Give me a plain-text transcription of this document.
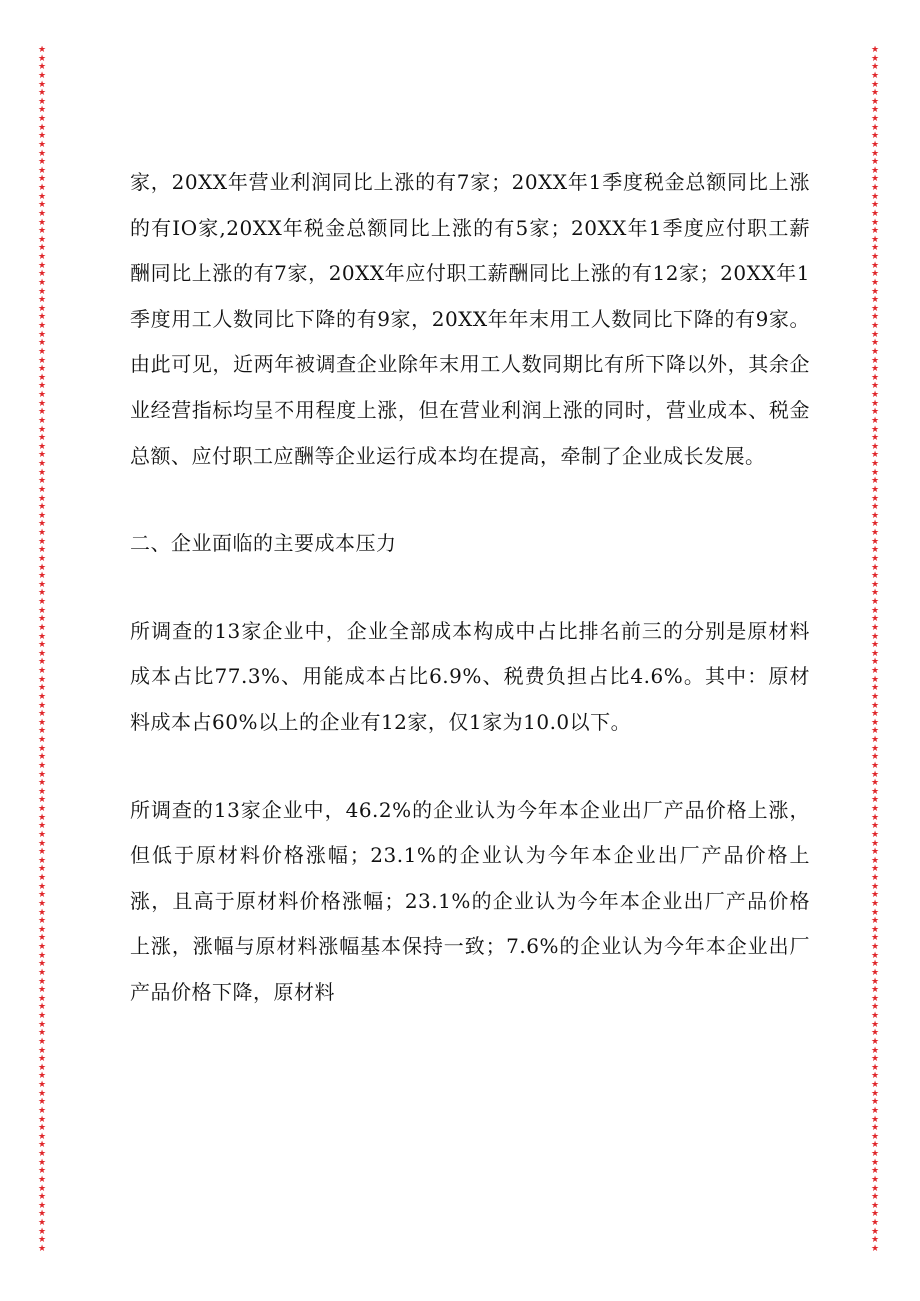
★
★
★
★
★
★
★
★
★
★
★
★
★
★
★
★
★
★
★
★
★
★
★
★
★
★
★
★
★
★
★
★
★
★
★
★
★
★
★
★
★
★
★
★
★
★
★
★
★
★
★
★
★
★
★
★
★
★
★
★
★
★
★
★
★
★
★
★
★
★
★
★
★
★
★
★
★
★
★
★
★
★
★
★
★
★
★
★
★
★
★
★
★
★
★
★
★
★
★
★
★
★
★
★
★
★
★
★
★
★
★
★
★
★
★
★
★
★
★
★
★
★
★
★
★
★
★
★
★
★
★
★
★
★
★
★
★
★
★
★
★
★
★
★
★
★
★
★
★
★
★
★
★
★
★
★
★
★
★
★
★
★
★
★
★
★
★
★
★
★
★
★
★
★
★
★
★
★
★
★
★
★
★
★
★
★
★
★
★
★
★
★
★
★
★
★
★
★
★
★
★
★
★
★
★
★
★
★
★
★
★
★
★
★
★
★
★
★
★
★
★
★
★
★
★
★
★
★
★
★
★
★
★
★
★
★
★
★
★
★
★
★
★
★
★
★
★
★
★
★
★
★
★
★
★
★
★
★
★
★
★
★
★
★
★
★
★
★
★
★
★
★
★
★
★
★
★
★
★
★

家，20XX年营业利润同比上涨的有7家；20XX年1季度税金总额同比上涨的有IO家,20XX年税金总额同比上涨的有5家；20XX年1季度应付职工薪酬同比上涨的有7家，20XX年应付职工薪酬同比上涨的有12家；20XX年1季度用工人数同比下降的有9家，20XX年年末用工人数同比下降的有9家。由此可见，近两年被调查企业除年末用工人数同期比有所下降以外，其余企业经营指标均呈不用程度上涨，但在营业利润上涨的同时，营业成本、税金总额、应付职工应酬等企业运行成本均在提高，牵制了企业成长发展。

二、企业面临的主要成本压力

所调查的13家企业中，企业全部成本构成中占比排名前三的分别是原材料成本占比77.3%、用能成本占比6.9%、税费负担占比4.6%。其中：原材料成本占60%以上的企业有12家，仅1家为10.0以下。

所调查的13家企业中，46.2%的企业认为今年本企业出厂产品价格上涨，但低于原材料价格涨幅；23.1%的企业认为今年本企业出厂产品价格上涨，且高于原材料价格涨幅；23.1%的企业认为今年本企业出厂产品价格上涨，涨幅与原材料涨幅基本保持一致；7.6%的企业认为今年本企业出厂产品价格下降，原材料
